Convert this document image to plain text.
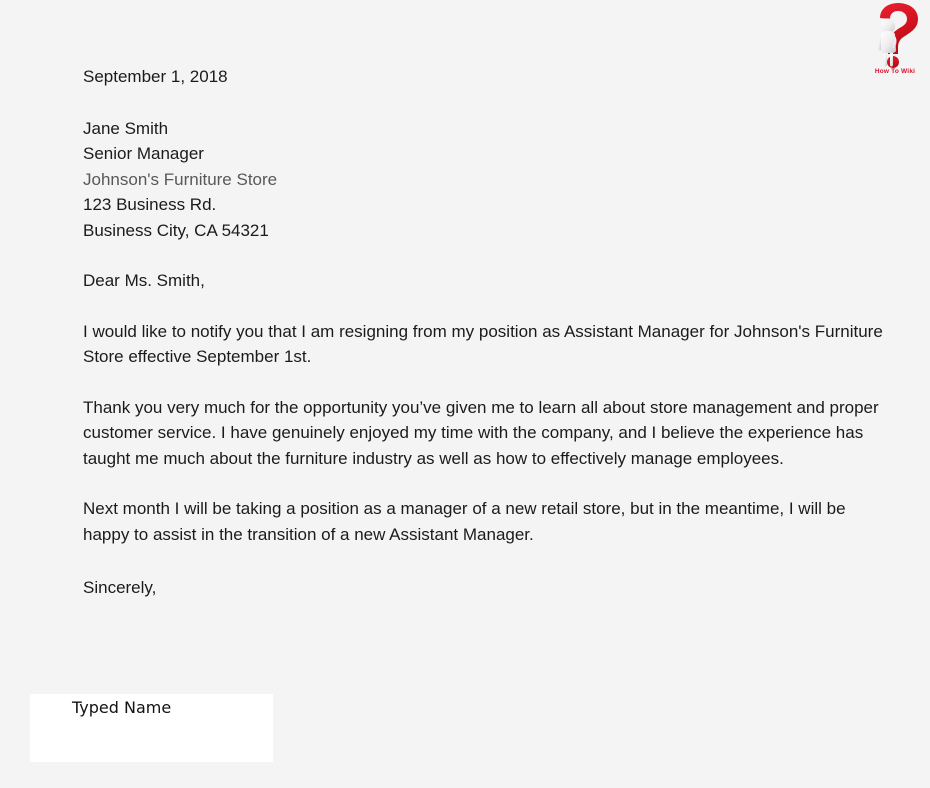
How To Wiki

September 1, 2018

Jane Smith

Senior Manager

Johnson's Furniture Store

123 Business Rd.

Business City, CA 54321

Dear Ms. Smith,

I would like to notify you that I am resigning from my position as Assistant Manager for Johnson's Furniture Store effective September 1st.

Thank you very much for the opportunity you’ve given me to learn all about store management and proper customer service. I have genuinely enjoyed my time with the company, and I believe the experience has taught me much about the furniture industry as well as how to effectively manage employees.

Next month I will be taking a position as a manager of a new retail store, but in the meantime, I will be happy to assist in the transition of a new Assistant Manager.

Sincerely,

Typed Name
